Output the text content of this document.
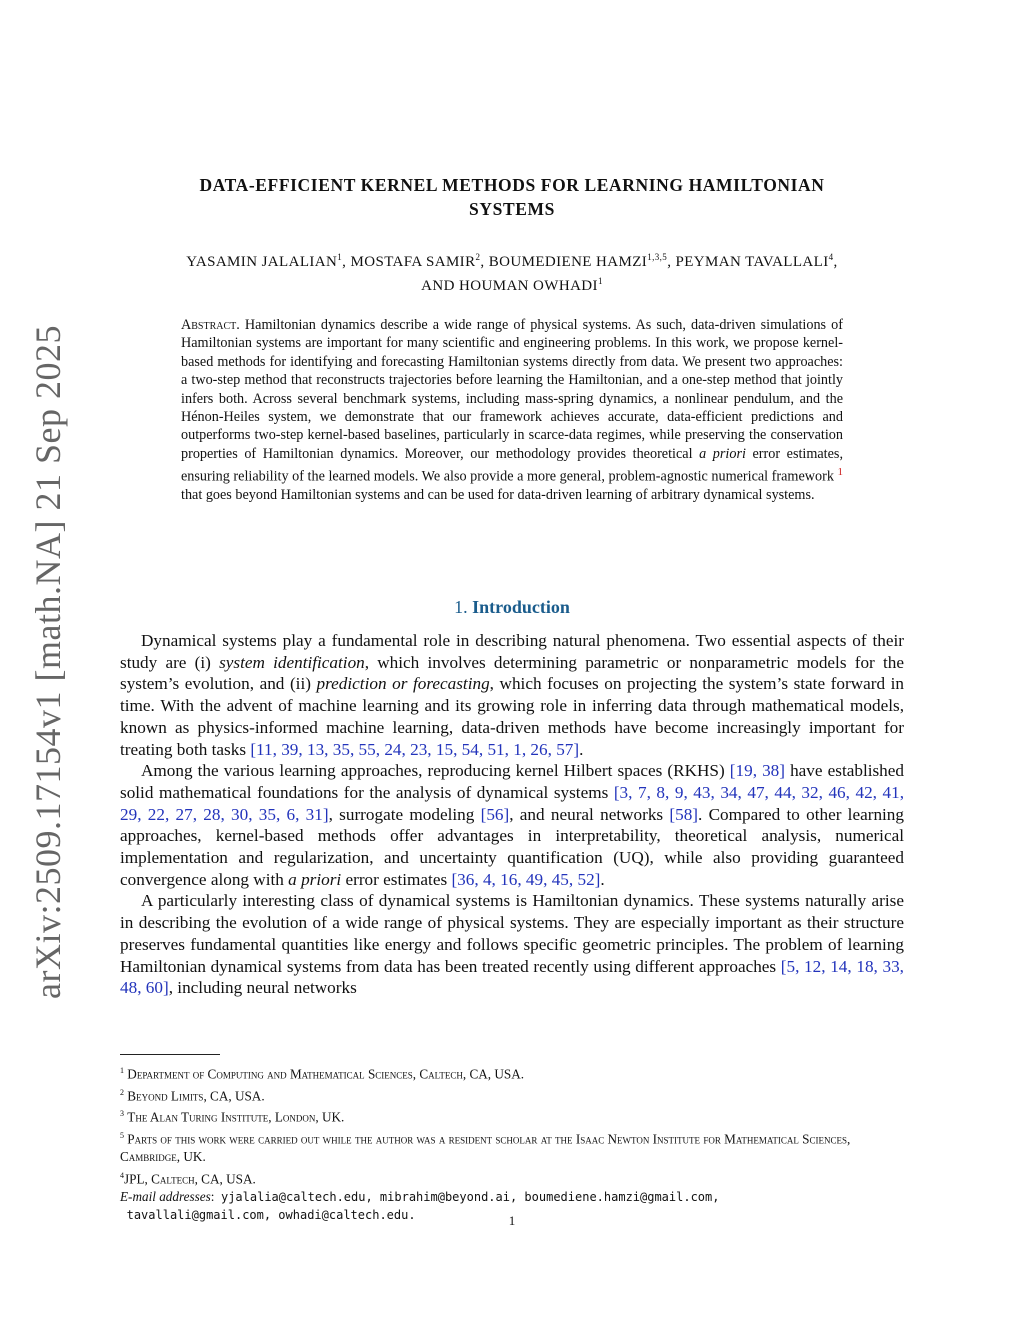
arXiv:2509.17154v1 [math.NA] 21 Sep 2025
DATA-EFFICIENT KERNEL METHODS FOR LEARNING HAMILTONIAN
SYSTEMS
YASAMIN JALALIAN$^1$, MOSTAFA SAMIR$^2$, BOUMEDIENE HAMZI$^{1,3,5}$, PEYMAN TAVALLALI$^4$,
AND HOUMAN OWHADI$^1$
Abstract. Hamiltonian dynamics describe a wide range of physical systems. As such, data-driven simulations of Hamiltonian systems are important for many scientific and engineering problems. In this work, we propose kernel-based methods for identifying and forecasting Hamiltonian systems directly from data. We present two approaches: a two-step method that reconstructs trajectories before learning the Hamiltonian, and a one-step method that jointly infers both. Across several benchmark systems, including mass-spring dynamics, a nonlinear pendulum, and the Hénon-Heiles system, we demonstrate that our framework achieves accurate, data-efficient predictions and outperforms two-step kernel-based baselines, particularly in scarce-data regimes, while preserving the conservation properties of Hamiltonian dynamics. Moreover, our methodology provides theoretical a priori error estimates, ensuring reliability of the learned models. We also provide a more general, problem-agnostic numerical framework $^1$ that goes beyond Hamiltonian systems and can be used for data-driven learning of arbitrary dynamical systems.
1. Introduction

Dynamical systems play a fundamental role in describing natural phenomena. Two essential aspects of their study are (i) system identification, which involves determining parametric or nonparametric models for the system’s evolution, and (ii) prediction or forecasting, which focuses on projecting the system’s state forward in time. With the advent of machine learning and its growing role in inferring data through mathematical models, known as physics-informed machine learning, data-driven methods have become increasingly important for treating both tasks [11, 39, 13, 35, 55, 24, 23, 15, 54, 51, 1, 26, 57].

Among the various learning approaches, reproducing kernel Hilbert spaces (RKHS) [19, 38] have established solid mathematical foundations for the analysis of dynamical systems [3, 7, 8, 9, 43, 34, 47, 44, 32, 46, 42, 41, 29, 22, 27, 28, 30, 35, 6, 31], surrogate modeling [56], and neural networks [58]. Compared to other learning approaches, kernel-based methods offer advantages in interpretability, theoretical analysis, numerical implementation and regularization, and uncertainty quantification (UQ), while also providing guaranteed convergence along with a priori error estimates [36, 4, 16, 49, 45, 52].

A particularly interesting class of dynamical systems is Hamiltonian dynamics. These systems naturally arise in describing the evolution of a wide range of physical systems. They are especially important as their structure preserves fundamental quantities like energy and follows specific geometric principles. The problem of learning Hamiltonian dynamical systems from data has been treated recently using different approaches [5, 12, 14, 18, 33, 48, 60], including neural networks

$^1$ Department of Computing and Mathematical Sciences, Caltech, CA, USA.
$^2$ Beyond Limits, CA, USA.
$^3$ The Alan Turing Institute, London, UK.
$^5$ Parts of this work were carried out while the author was a resident scholar at the Isaac Newton Institute for Mathematical Sciences, Cambridge, UK.
$^4$JPL, Caltech, CA, USA.
E-mail addresses:  yjalalia@caltech.edu, mibrahim@beyond.ai, boumediene.hamzi@gmail.com,
tavallali@gmail.com, owhadi@caltech.edu.	1
